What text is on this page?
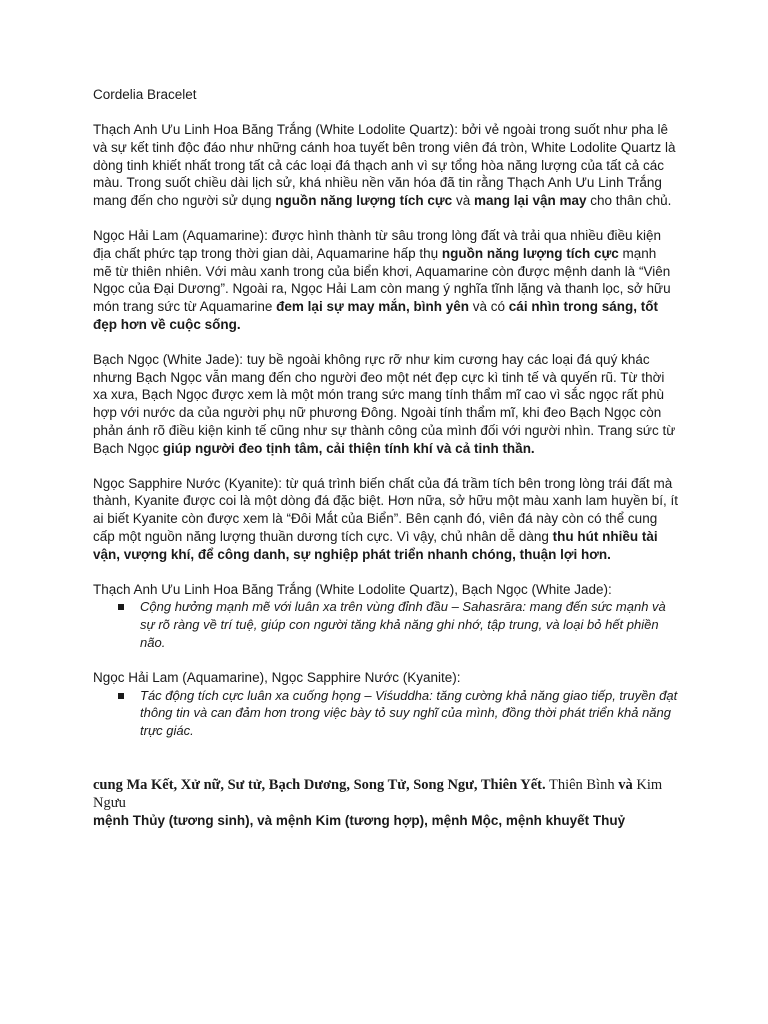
Cordelia Bracelet

Thạch Anh Ưu Linh Hoa Băng Trắng (White Lodolite Quartz): bởi vẻ ngoài trong suốt như pha lê và sự kết tinh độc đáo như những cánh hoa tuyết bên trong viên đá tròn, White Lodolite Quartz là dòng tinh khiết nhất trong tất cả các loại đá thạch anh vì sự tổng hòa năng lượng của tất cả các màu. Trong suốt chiều dài lịch sử, khá nhiều nền văn hóa đã tin rằng Thạch Anh Ưu Linh Trắng mang đến cho người sử dụng nguồn năng lượng tích cực và mang lại vận may cho thân chủ.

Ngọc Hải Lam (Aquamarine): được hình thành từ sâu trong lòng đất và trải qua nhiều điều kiện địa chất phức tạp trong thời gian dài, Aquamarine hấp thụ nguồn năng lượng tích cực mạnh mẽ từ thiên nhiên. Với màu xanh trong của biển khơi, Aquamarine còn được mệnh danh là “Viên Ngọc của Đại Dương”. Ngoài ra, Ngọc Hải Lam còn mang ý nghĩa tĩnh lặng và thanh lọc, sở hữu món trang sức từ Aquamarine đem lại sự may mắn, bình yên và có cái nhìn trong sáng, tốt đẹp hơn về cuộc sống.

Bạch Ngọc (White Jade): tuy bề ngoài không rực rỡ như kim cương hay các loại đá quý khác nhưng Bạch Ngọc vẫn mang đến cho người đeo một nét đẹp cực kì tinh tế và quyến rũ. Từ thời xa xưa, Bạch Ngọc được xem là một món trang sức mang tính thẩm mĩ cao vì sắc ngọc rất phù hợp với nước da của người phụ nữ phương Đông. Ngoài tính thẩm mĩ, khi đeo Bạch Ngọc còn phản ánh rõ điều kiện kinh tế cũng như sự thành công của mình đối với người nhìn. Trang sức từ Bạch Ngọc giúp người đeo tịnh tâm, cải thiện tính khí và cả tinh thần.

Ngọc Sapphire Nước (Kyanite): từ quá trình biến chất của đá trầm tích bên trong lòng trái đất mà thành, Kyanite được coi là một dòng đá đặc biệt. Hơn nữa, sở hữu một màu xanh lam huyền bí, ít ai biết Kyanite còn được xem là “Đôi Mắt của Biển”. Bên cạnh đó, viên đá này còn có thể cung cấp một nguồn năng lượng thuần dương tích cực. Vì vậy, chủ nhân dễ dàng thu hút nhiều tài vận, vượng khí, để công danh, sự nghiệp phát triển nhanh chóng, thuận lợi hơn.

Thạch Anh Ưu Linh Hoa Băng Trắng (White Lodolite Quartz), Bạch Ngọc (White Jade):

Cộng hưởng mạnh mẽ với luân xa trên vùng đỉnh đầu – Sahasrāra: mang đến sức mạnh và sự rõ ràng về trí tuệ, giúp con người tăng khả năng ghi nhớ, tập trung, và loại bỏ hết phiền não.

Ngọc Hải Lam (Aquamarine), Ngọc Sapphire Nước (Kyanite):

Tác động tích cực luân xa cuống họng – Viśuddha: tăng cường khả năng giao tiếp, truyền đạt thông tin và can đảm hơn trong việc bày tỏ suy nghĩ của mình, đồng thời phát triển khả năng trực giác.

cung Ma Kết, Xử nữ, Sư tử, Bạch Dương, Song Tử, Song Ngư, Thiên Yết. Thiên Bình và Kim Ngưu

mệnh Thủy (tương sinh), và mệnh Kim (tương hợp), mệnh Mộc, mệnh khuyết Thuỷ
